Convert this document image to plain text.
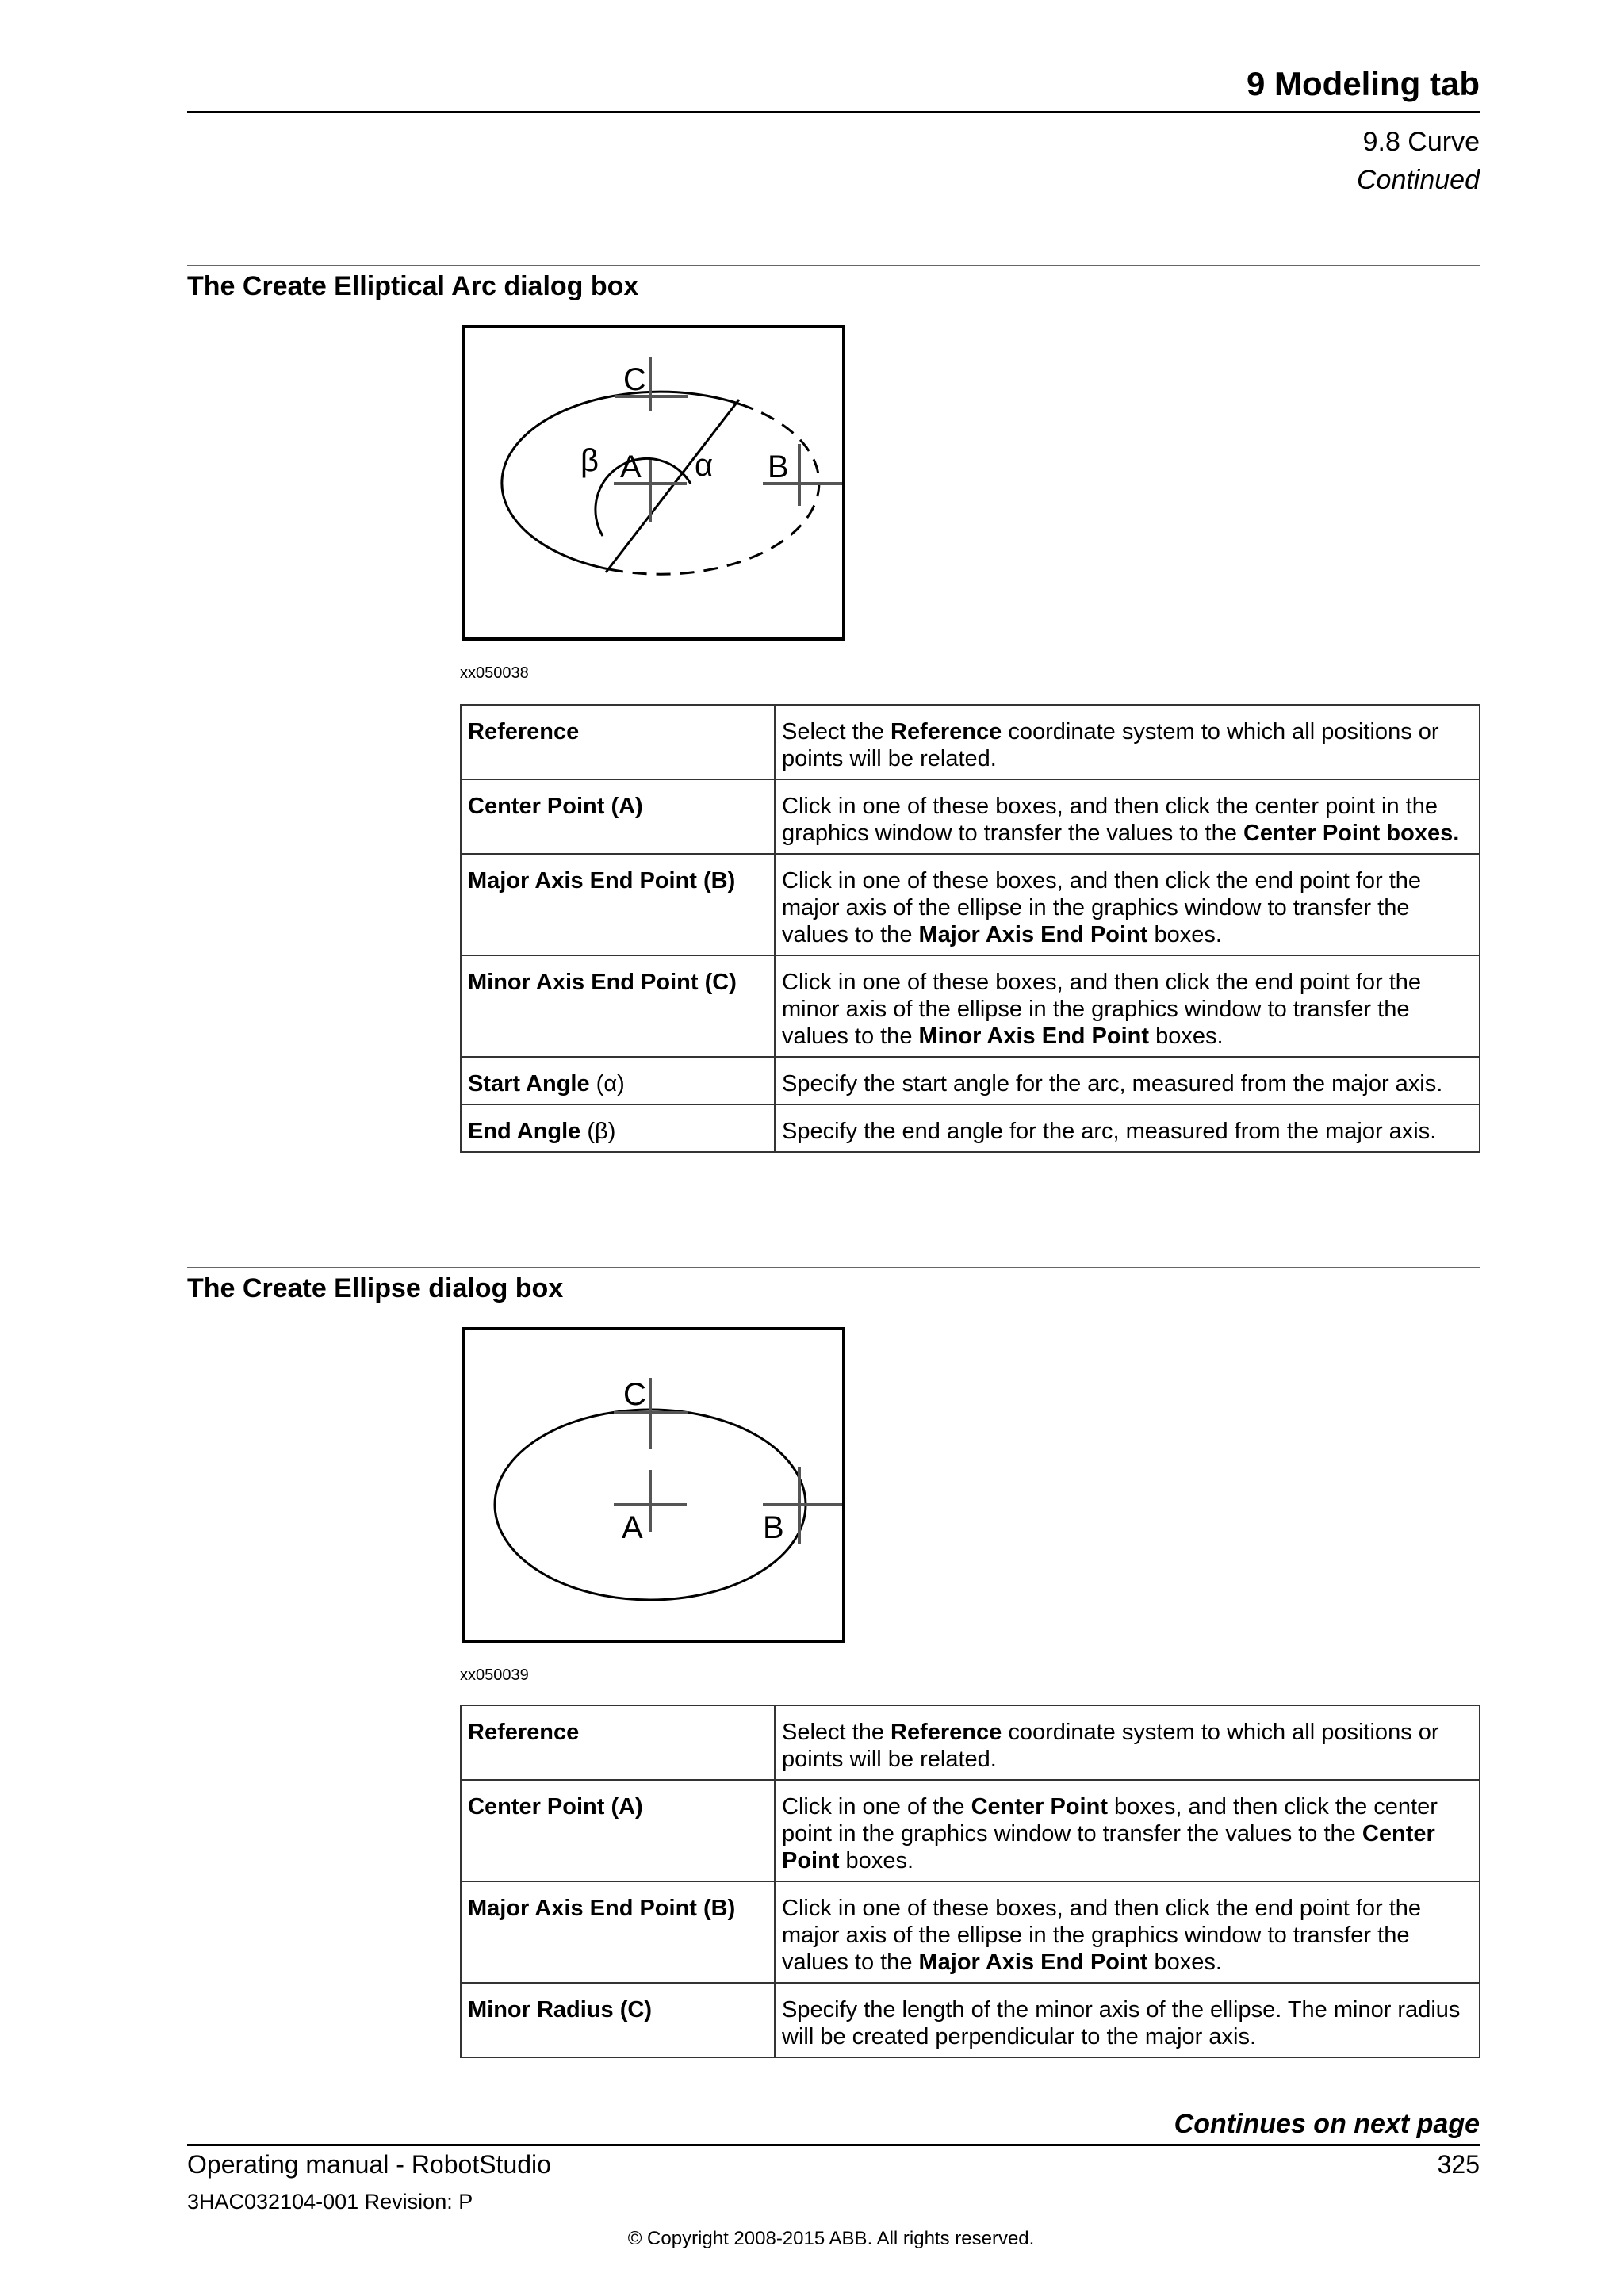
9 Modeling tab
9.8 Curve
Continued
The Create Elliptical Arc dialog box
C
A	B
α
β
xx050038
Reference	Select the Reference coordinate system to which all positions or points will be related.
Center Point (A)	Click in one of these boxes, and then click the center point in the graphics window to transfer the values to the Center Point boxes.
Major Axis End Point (B)	Click in one of these boxes, and then click the end point for the major axis of the ellipse in the graphics window to transfer the values to the Major Axis End Point boxes.
Minor Axis End Point (C)	Click in one of these boxes, and then click the end point for the minor axis of the ellipse in the graphics window to transfer the values to the Minor Axis End Point boxes.
Start Angle (α)	Specify the start angle for the arc, measured from the major axis.
End Angle (β)	Specify the end angle for the arc, measured from the major axis.
The Create Ellipse dialog box
C
A	B
xx050039
Reference	Select the Reference coordinate system to which all positions or points will be related.
Center Point (A)	Click in one of the Center Point boxes, and then click the center point in the graphics window to transfer the values to the Center Point boxes.
Major Axis End Point (B)	Click in one of these boxes, and then click the end point for the major axis of the ellipse in the graphics window to transfer the values to the Major Axis End Point boxes.
Minor Radius (C)	Specify the length of the minor axis of the ellipse. The minor radius will be created perpendicular to the major axis.
Continues on next page
Operating manual - RobotStudio	325
3HAC032104-001 Revision: P
© Copyright 2008-2015 ABB. All rights reserved.
